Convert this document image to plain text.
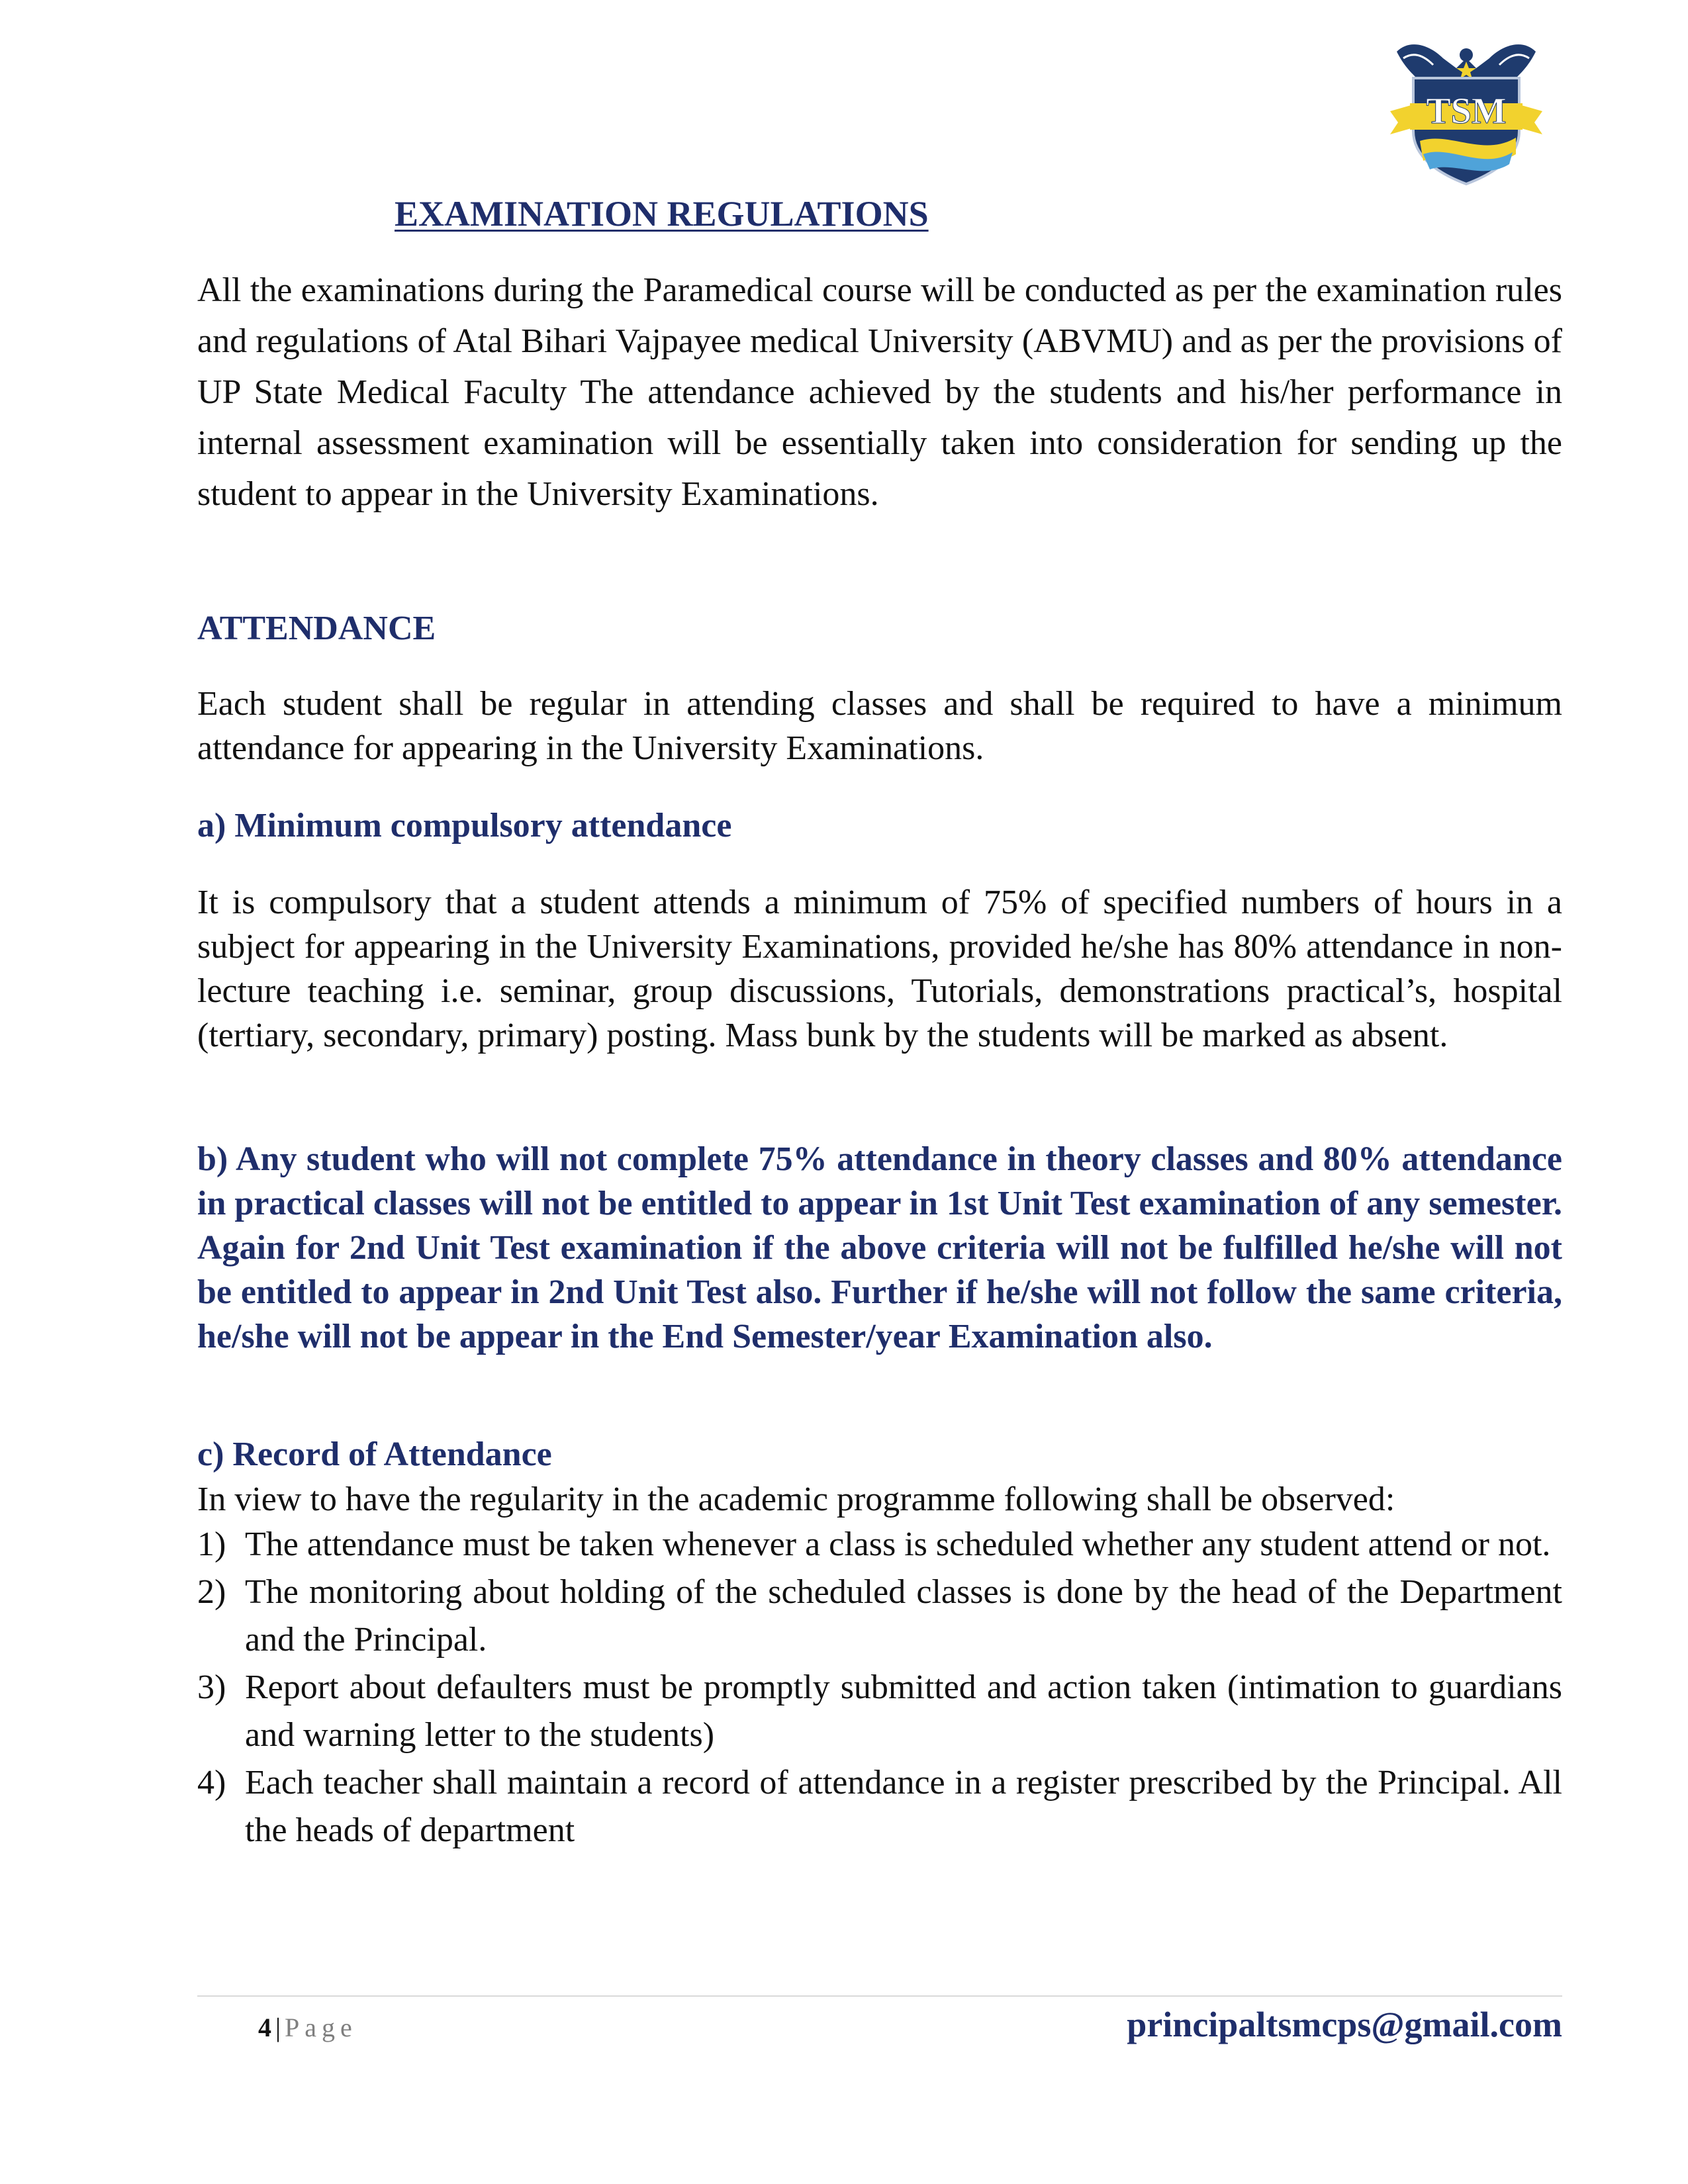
TSM
EXAMINATION REGULATIONS

All the examinations during the Paramedical course will be conducted as per the examination rules and regulations of Atal Bihari Vajpayee medical University (ABVMU) and as per the provisions of UP State Medical Faculty The attendance achieved by the students and his/her performance in internal assessment examination will be essentially taken into consideration for sending up the student to appear in the University Examinations.

ATTENDANCE

Each student shall be regular in attending classes and shall be required to have a minimum attendance for appearing in the University Examinations.

a) Minimum compulsory attendance

It is compulsory that a student attends a minimum of 75% of specified numbers of hours in a subject for appearing in the University Examinations, provided he/she has 80% attendance in non-lecture teaching i.e. seminar, group discussions, Tutorials, demonstrations practical’s, hospital (tertiary, secondary, primary) posting. Mass bunk by the students will be marked as absent.

b) Any student who will not complete 75% attendance in theory classes and 80% attendance in practical classes will not be entitled to appear in 1st Unit Test examination of any semester. Again for 2nd Unit Test examination if the above criteria will not be fulfilled he/she will not be entitled to appear in 2nd Unit Test also. Further if he/she will not follow the same criteria, he/she will not be appear in the End Semester/year Examination also.

c) Record of Attendance

In view to have the regularity in the academic programme following shall be observed:

1) The attendance must be taken whenever a class is scheduled whether any student attend or not.
2) The monitoring about holding of the scheduled classes is done by the head of the Department and the Principal.
3) Report about defaulters must be promptly submitted and action taken (intimation to guardians and warning letter to the students)
4) Each teacher shall maintain a record of attendance in a register prescribed by the Principal. All the heads of department
4 | Page	principaltsmcps@gmail.com
